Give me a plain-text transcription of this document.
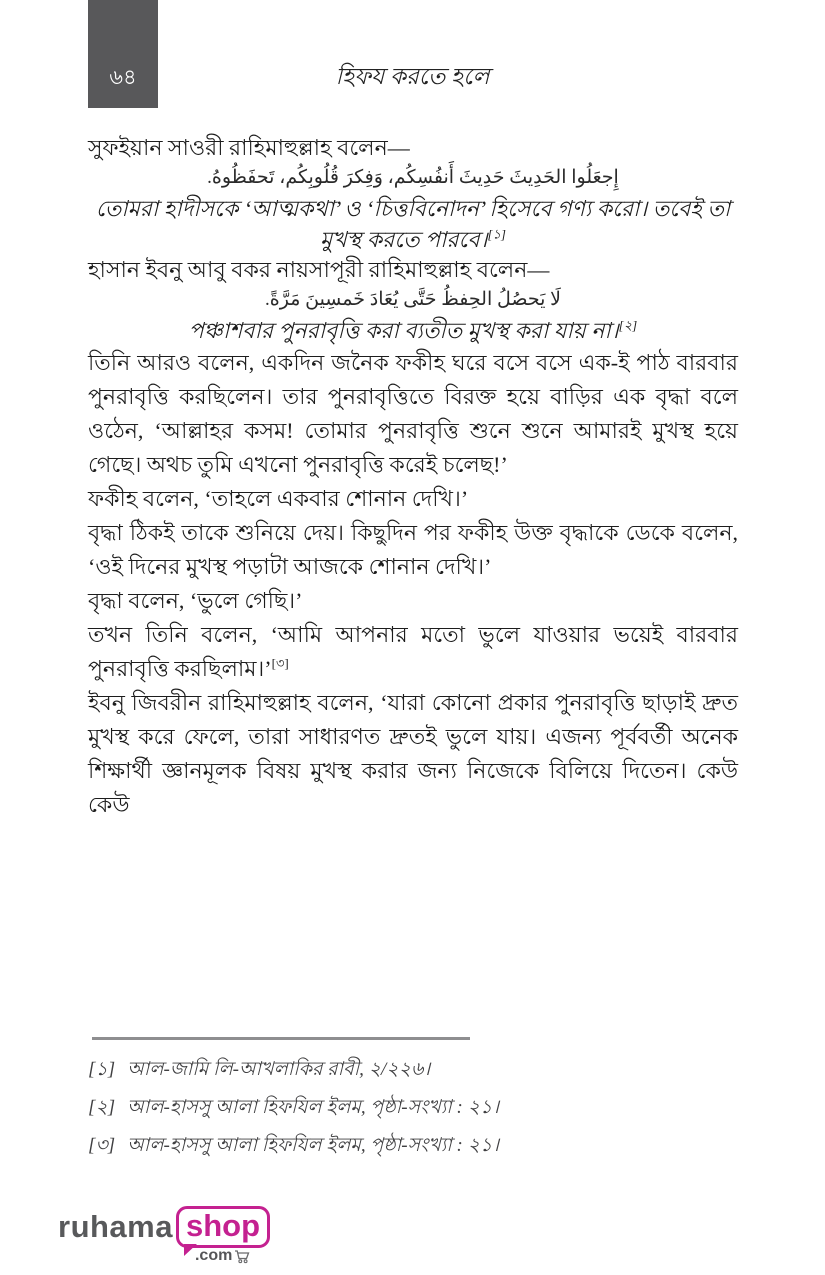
৬৪	হিফয করতে হলে

সুফইয়ান সাওরী রাহিমাহুল্লাহ বলেন—

إِجعَلُوا الحَدِيثَ حَدِيثَ أَنفُسِكُم، وَفِكرَ قُلُوبِكُم، تَحفَظُوهُ.

তোমরা হাদীসকে ‘আত্মকথা’ ও ‘চিত্তবিনোদন’ হিসেবে গণ্য করো। তবেই তা মুখস্থ করতে পারবে।[১]

হাসান ইবনু আবু বকর নায়সাপূরী রাহিমাহুল্লাহ বলেন—

لَا يَحصُلُ الحِفظُ حَتَّى يُعَادَ خَمسِينَ مَرَّةً.

পঞ্চাশবার পুনরাবৃত্তি করা ব্যতীত মুখস্থ করা যায় না।[২]

তিনি আরও বলেন, একদিন জনৈক ফকীহ ঘরে বসে বসে এক-ই পাঠ বারবার পুনরাবৃত্তি করছিলেন। তার পুনরাবৃত্তিতে বিরক্ত হয়ে বাড়ির এক বৃদ্ধা বলে ওঠেন, ‘আল্লাহর কসম! তোমার পুনরাবৃত্তি শুনে শুনে আমারই মুখস্থ হয়ে গেছে। অথচ তুমি এখনো পুনরাবৃত্তি করেই চলেছ!’

ফকীহ বলেন, ‘তাহলে একবার শোনান দেখি।’

বৃদ্ধা ঠিকই তাকে শুনিয়ে দেয়। কিছুদিন পর ফকীহ উক্ত বৃদ্ধাকে ডেকে বলেন, ‘ওই দিনের মুখস্থ পড়াটা আজকে শোনান দেখি।’

বৃদ্ধা বলেন, ‘ভুলে গেছি।’

তখন তিনি বলেন, ‘আমি আপনার মতো ভুলে যাওয়ার ভয়েই বারবার পুনরাবৃত্তি করছিলাম।’[৩]

ইবনু জিবরীন রাহিমাহুল্লাহ বলেন, ‘যারা কোনো প্রকার পুনরাবৃত্তি ছাড়াই দ্রুত মুখস্থ করে ফেলে, তারা সাধারণত দ্রুতই ভুলে যায়। এজন্য পূর্ববর্তী অনেক শিক্ষার্থী জ্ঞানমূলক বিষয় মুখস্থ করার জন্য নিজেকে বিলিয়ে দিতেন। কেউ কেউ

[১] আল-জামি লি-আখলাকির রাবী, ২/২২৬।
[২] আল-হাসসু আলা হিফযিল ইলম, পৃষ্ঠা-সংখ্যা : ২১।
[৩] আল-হাসসু আলা হিফযিল ইলম, পৃষ্ঠা-সংখ্যা : ২১।
ruhama shop
.com
